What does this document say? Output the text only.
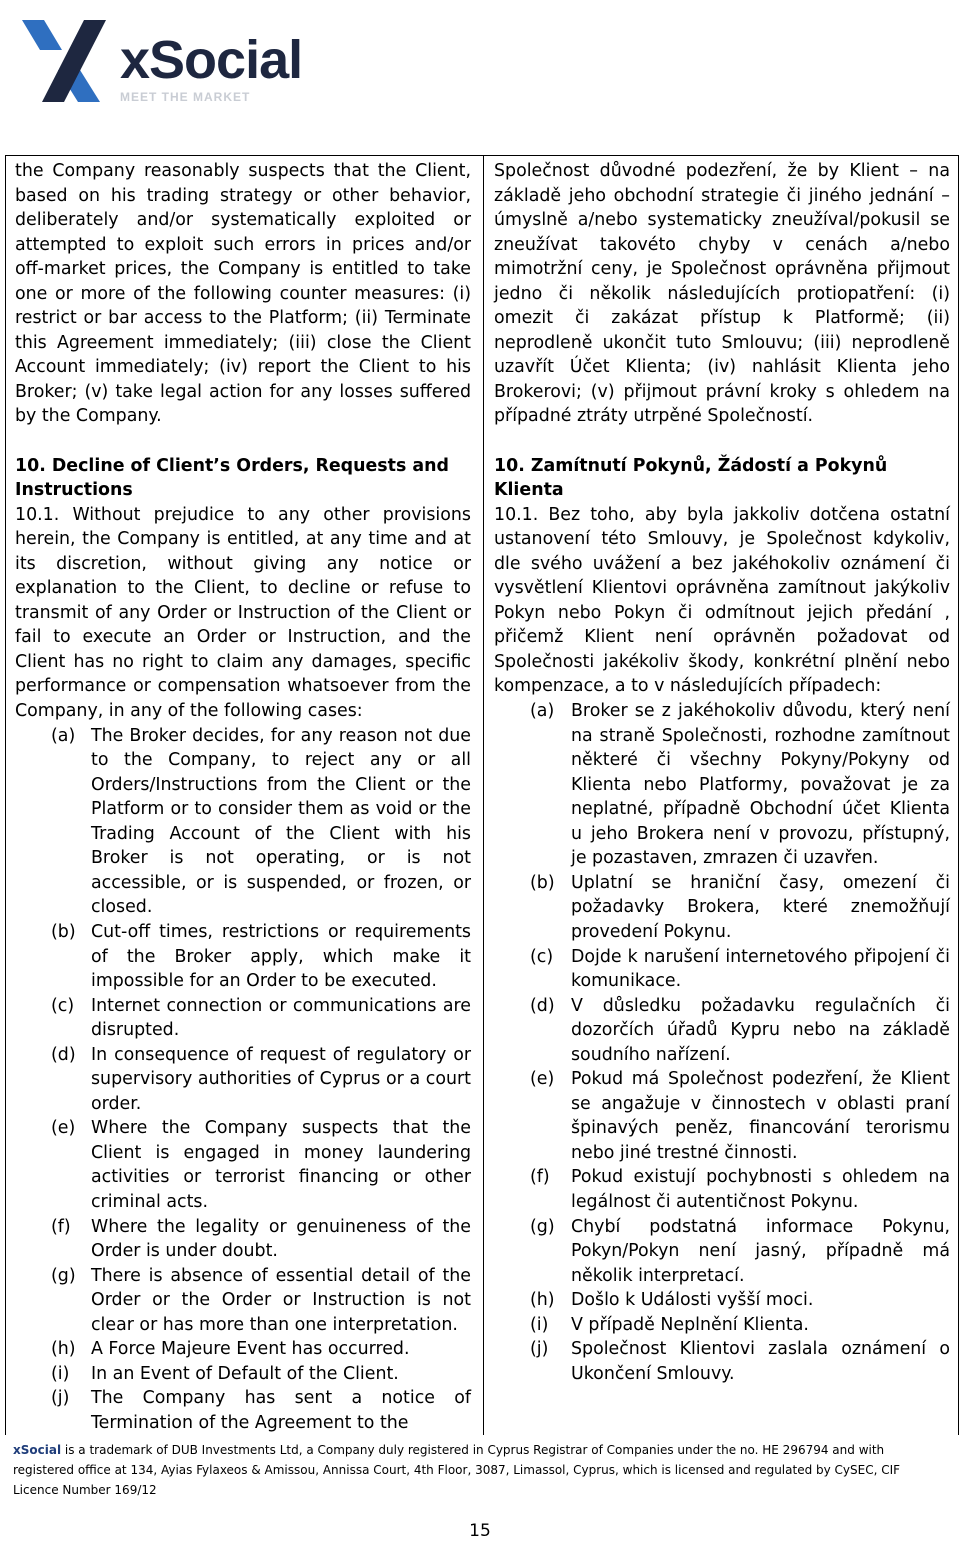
xSocial
MEET THE MARKET

the Company reasonably suspects that the Client, based on his trading strategy or other behavior, deliberately and/or systematically exploited or attempted to exploit such errors in prices and/or off-market prices, the Company is entitled to take one or more of the following counter measures: (i) restrict or bar access to the Platform; (ii) Terminate this Agreement immediately; (iii) close the Client Account immediately; (iv) report the Client to his Broker; (v) take legal action for any losses suffered by the Company.

10. Decline of Client’s Orders, Requests and Instructions

10.1. Without prejudice to any other provisions herein, the Company is entitled, at any time and at its discretion, without giving any notice or explanation to the Client, to decline or refuse to transmit of any Order or Instruction of the Client or fail to execute an Order or Instruction, and the Client has no right to claim any damages, specific performance or compensation whatsoever from the Company, in any of the following cases:

(a) The Broker decides, for any reason not due to the Company, to reject any or all Orders/Instructions from the Client or the Platform or to consider them as void or the Trading Account of the Client with his Broker is not operating, or is not accessible, or is suspended, or frozen, or closed.
(b) Cut-off times, restrictions or requirements of the Broker apply, which make it impossible for an Order to be executed.
(c) Internet connection or communications are disrupted.
(d) In consequence of request of regulatory or supervisory authorities of Cyprus or a court order.
(e) Where the Company suspects that the Client is engaged in money laundering activities or terrorist financing or other criminal acts.
(f) Where the legality or genuineness of the Order is under doubt.
(g) There is absence of essential detail of the Order or the Order or Instruction is not clear or has more than one interpretation.
(h) A Force Majeure Event has occurred.
(i) In an Event of Default of the Client.
(j) The Company has sent a notice of Termination of the Agreement to the

Společnost důvodné podezření, že by Klient – na základě jeho obchodní strategie či jiného jednání – úmyslně a/nebo systematicky zneužíval/pokusil se zneužívat takovéto chyby v cenách a/nebo mimotržní ceny, je Společnost oprávněna přijmout jedno či několik následujících protiopatření: (i) omezit či zakázat přístup k Platformě; (ii) neprodleně ukončit tuto Smlouvu; (iii) neprodleně uzavřít Účet Klienta; (iv) nahlásit Klienta jeho Brokerovi; (v) přijmout právní kroky s ohledem na případné ztráty utrpěné Společností.

10. Zamítnutí Pokynů, Žádostí a Pokynů Klienta

10.1. Bez toho, aby byla jakkoliv dotčena ostatní ustanovení této Smlouvy, je Společnost kdykoliv, dle svého uvážení a bez jakéhokoliv oznámení či vysvětlení Klientovi oprávněna zamítnout jakýkoliv Pokyn nebo Pokyn či odmítnout jejich předání , přičemž Klient není oprávněn požadovat od Společnosti jakékoliv škody, konkrétní plnění nebo kompenzace, a to v následujících případech:

(a) Broker se z jakéhokoliv důvodu, který není na straně Společnosti, rozhodne zamítnout některé či všechny Pokyny/Pokyny od Klienta nebo Platformy, považovat je za neplatné, případně Obchodní účet Klienta u jeho Brokera není v provozu, přístupný, je pozastaven, zmrazen či uzavřen.
(b) Uplatní se hraniční časy, omezení či požadavky Brokera, které znemožňují provedení Pokynu.
(c) Dojde k narušení internetového připojení či komunikace.
(d) V důsledku požadavku regulačních či dozorčích úřadů Kypru nebo na základě soudního nařízení.
(e) Pokud má Společnost podezření, že Klient se angažuje v činnostech v oblasti praní špinavých peněz, financování terorismu nebo jiné trestné činnosti.
(f) Pokud existují pochybnosti s ohledem na legálnost či autentičnost Pokynu.
(g) Chybí podstatná informace Pokynu, Pokyn/Pokyn není jasný, případně má několik interpretací.
(h) Došlo k Události vyšší moci.
(i) V případě Neplnění Klienta.
(j) Společnost Klientovi zaslala oznámení o Ukončení Smlouvy.
xSocial is a trademark of DUB Investments Ltd, a Company duly registered in Cyprus Registrar of Companies under the no. HE 296794 and with registered office at 134, Ayias Fylaxeos & Amissou, Annissa Court, 4th Floor, 3087, Limassol, Cyprus, which is licensed and regulated by CySEC, CIF Licence Number 169/12
15
